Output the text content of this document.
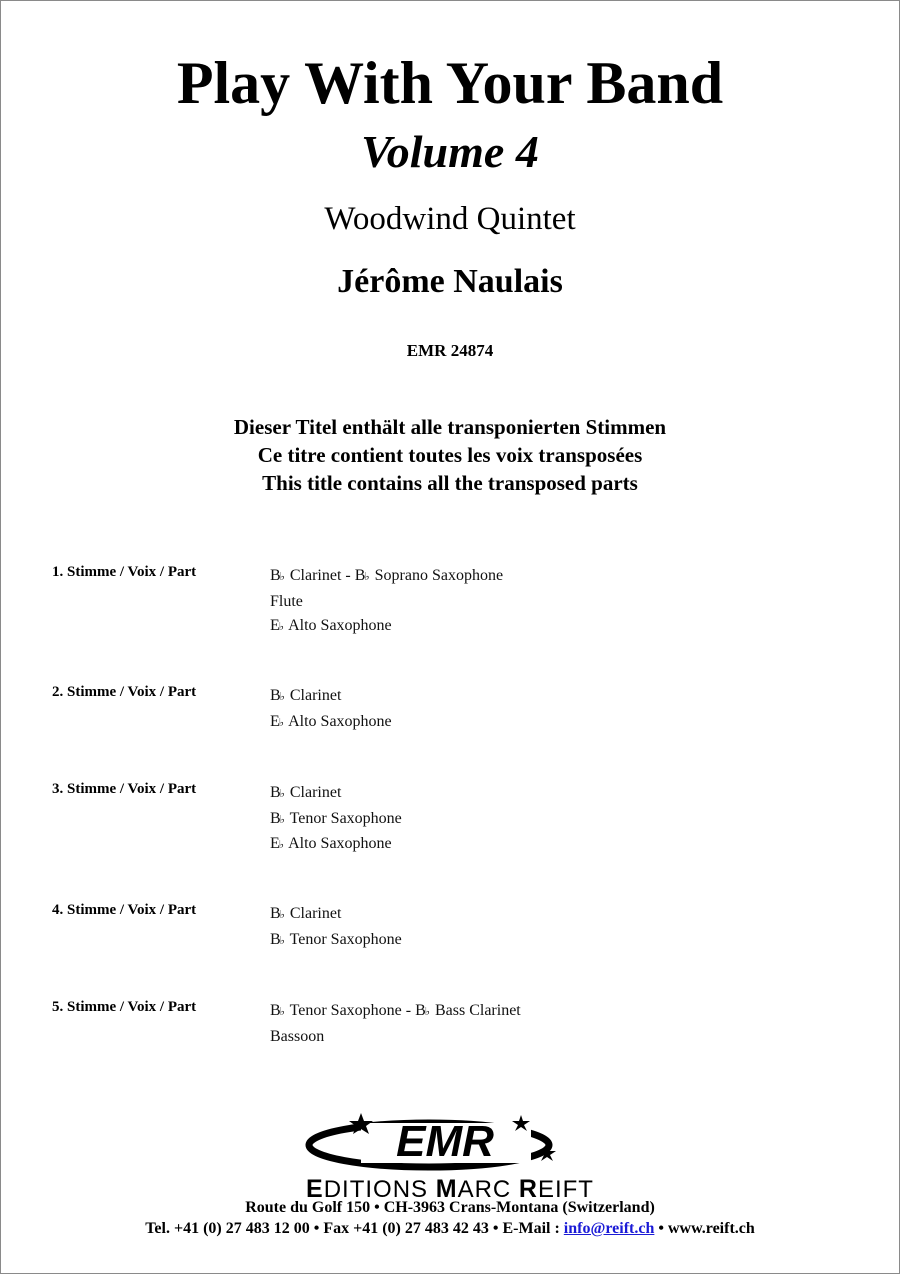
Play With Your Band
Volume 4
Woodwind Quintet
Jérôme Naulais
EMR 24874
Dieser Titel enthält alle transponierten Stimmen
Ce titre contient toutes les voix transposées
This title contains all the transposed parts
1. Stimme / Voix / Part	B♭ Clarinet - B♭ Soprano Saxophone
Flute
E♭ Alto Saxophone
2. Stimme / Voix / Part	B♭ Clarinet
E♭ Alto Saxophone
3. Stimme / Voix / Part	B♭ Clarinet
B♭ Tenor Saxophone
E♭ Alto Saxophone
4. Stimme / Voix / Part	B♭ Clarinet
B♭ Tenor Saxophone
5. Stimme / Voix / Part	B♭ Tenor Saxophone - B♭ Bass Clarinet
Bassoon
EMR
EDITIONS MARC REIFT
Route du Golf 150 • CH-3963 Crans-Montana (Switzerland)
Tel. +41 (0) 27 483 12 00 • Fax +41 (0) 27 483 42 43 • E-Mail : info@reift.ch • www.reift.ch
